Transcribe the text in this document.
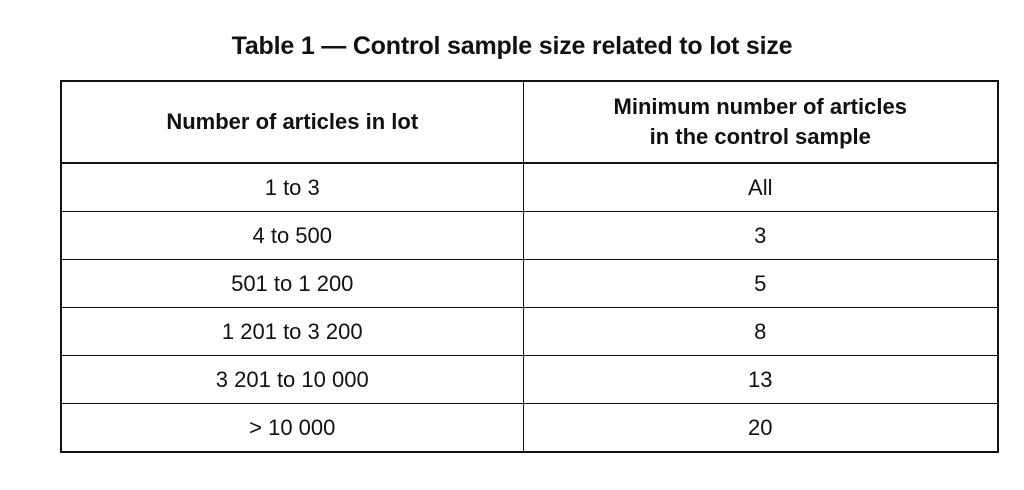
Table 1 — Control sample size related to lot size
Number of articles in lot	Minimum number of articles
in the control sample

1 to 3	All
4 to 500	3
501 to 1 200	5
1 201 to 3 200	8
3 201 to 10 000	13
> 10 000	20
